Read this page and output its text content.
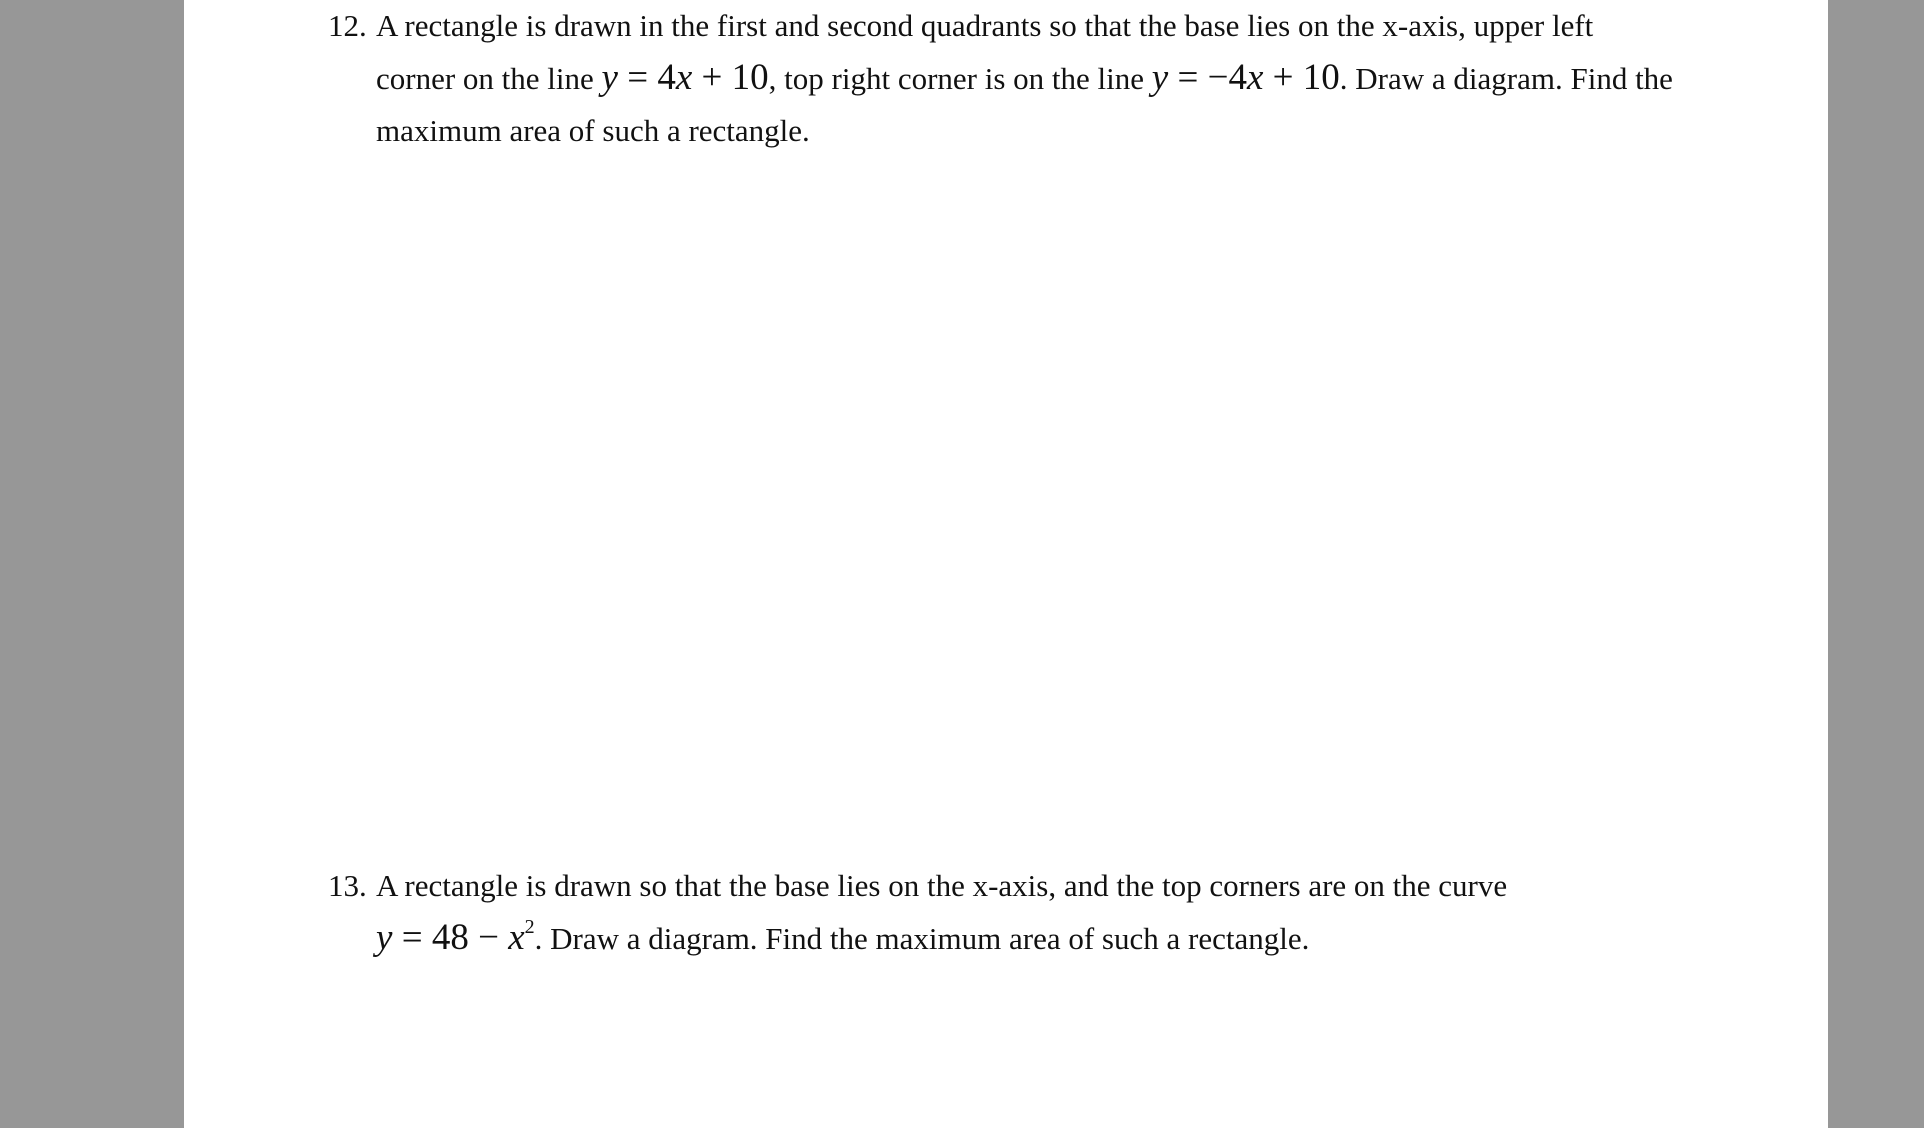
12. A rectangle is drawn in the first and second quadrants so that the base lies on the x-axis, upper left
corner on the line y = 4x + 10, top right corner is on the line y = −4x + 10. Draw a diagram. Find the
maximum area of such a rectangle.
13. A rectangle is drawn so that the base lies on the x-axis, and the top corners are on the curve
$y = 48 - x^2$. Draw a diagram. Find the maximum area of such a rectangle.
